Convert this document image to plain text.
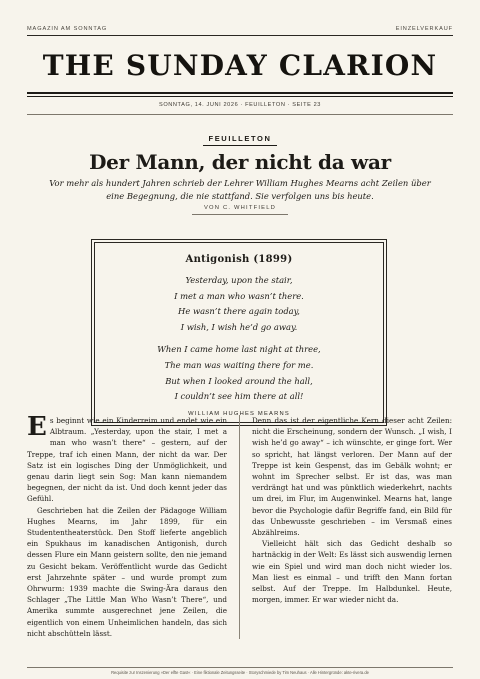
MAGAZIN AM SONNTAG	EINZELVERKAUF
THE SUNDAY CLARION
SONNTAG, 14. JUNI 2026 · FEUILLETON · SEITE 23
FEUILLETON
Der Mann, der nicht da war
Vor mehr als hundert Jahren schrieb der Lehrer William Hughes Mearns acht Zeilen über eine Begegnung, die nie stattfand. Sie verfolgen uns bis heute.
VON C. WHITFIELD
Antigonish (1899)
Yesterday, upon the stair,
I met a man who wasn’t there.
He wasn’t there again today,
I wish, I wish he’d go away.
When I came home last night at three,
The man was waiting there for me.
But when I looked around the hall,
I couldn’t see him there at all!
WILLIAM HUGHES MEARNS

Es beginnt wie ein Kinderreim und endet wie ein Albtraum. „Yesterday, upon the stair, I met a man who wasn’t there“ – gestern, auf der Treppe, traf ich einen Mann, der nicht da war. Der Satz ist ein logisches Ding der Unmöglichkeit, und genau darin liegt sein Sog: Man kann niemandem begegnen, der nicht da ist. Und doch kennt jeder das Gefühl.

Geschrieben hat die Zeilen der Pädagoge William Hughes Mearns, im Jahr 1899, für ein Studententheaterstück. Den Stoff lieferte angeblich ein Spukhaus im kanadischen Antigonish, durch dessen Flure ein Mann geistern sollte, den nie jemand zu Gesicht bekam. Veröffentlicht wurde das Gedicht erst Jahrzehnte später – und wurde prompt zum Ohrwurm: 1939 machte die Swing-Ära daraus den Schlager „The Little Man Who Wasn’t There“, und Amerika summte ausgerechnet jene Zeilen, die eigentlich von einem Unheimlichen handeln, das sich nicht abschütteln lässt.

Denn das ist der eigentliche Kern dieser acht Zeilen: nicht die Erscheinung, sondern der Wunsch. „I wish, I wish he’d go away“ – ich wünschte, er ginge fort. Wer so spricht, hat längst verloren. Der Mann auf der Treppe ist kein Gespenst, das im Gebälk wohnt; er wohnt im Sprecher selbst. Er ist das, was man verdrängt hat und was pünktlich wiederkehrt, nachts um drei, im Flur, im Augenwinkel. Mearns hat, lange bevor die Psychologie dafür Begriffe fand, ein Bild für das Unbewusste geschrieben – im Versmaß eines Abzählreims.

Vielleicht hält sich das Gedicht deshalb so hartnäckig in der Welt: Es lässt sich auswendig lernen wie ein Spiel und wird man doch nicht wieder los. Man liest es einmal – und trifft den Mann fortan selbst. Auf der Treppe. Im Halbdunkel. Heute, morgen, immer. Er war wieder nicht da.

Requisite zur Inszenierung »Der elfte Gast« · Eine fiktionale Zeitungsseite · Storyschmiede by Tim Neuhaus · Alle Hintergründe: akte-rivera.de
